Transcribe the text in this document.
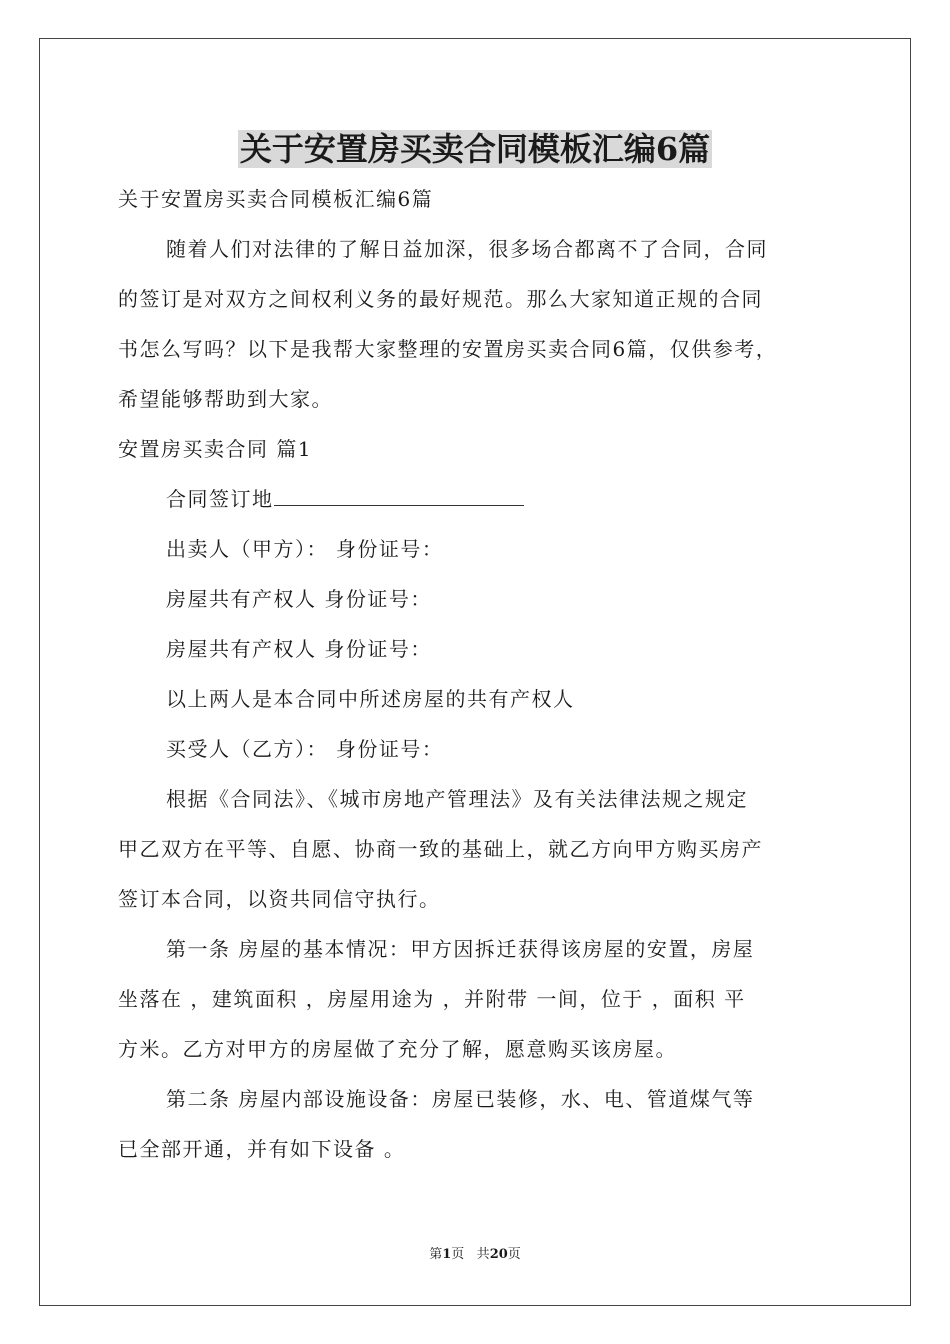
关于安置房买卖合同模板汇编6篇
关于安置房买卖合同模板汇编6篇
随着人们对法律的了解日益加深，很多场合都离不了合同，合同
的签订是对双方之间权利义务的最好规范。那么大家知道正规的合同
书怎么写吗？以下是我帮大家整理的安置房买卖合同6篇，仅供参考，
希望能够帮助到大家。
安置房买卖合同 篇1
合同签订地
出卖人（甲方）： 身份证号：
房屋共有产权人 身份证号：
房屋共有产权人 身份证号：
以上两人是本合同中所述房屋的共有产权人
买受人（乙方）： 身份证号：
根据《合同法》、《城市房地产管理法》及有关法律法规之规定
甲乙双方在平等、自愿、协商一致的基础上，就乙方向甲方购买房产
签订本合同，以资共同信守执行。
第一条 房屋的基本情况：甲方因拆迁获得该房屋的安置，房屋
坐落在 ，建筑面积 ，房屋用途为 ，并附带 一间，位于 ，面积 平
方米。乙方对甲方的房屋做了充分了解，愿意购买该房屋。
第二条 房屋内部设施设备：房屋已装修，水、电、管道煤气等
已全部开通，并有如下设备 。
第1页 共20页
